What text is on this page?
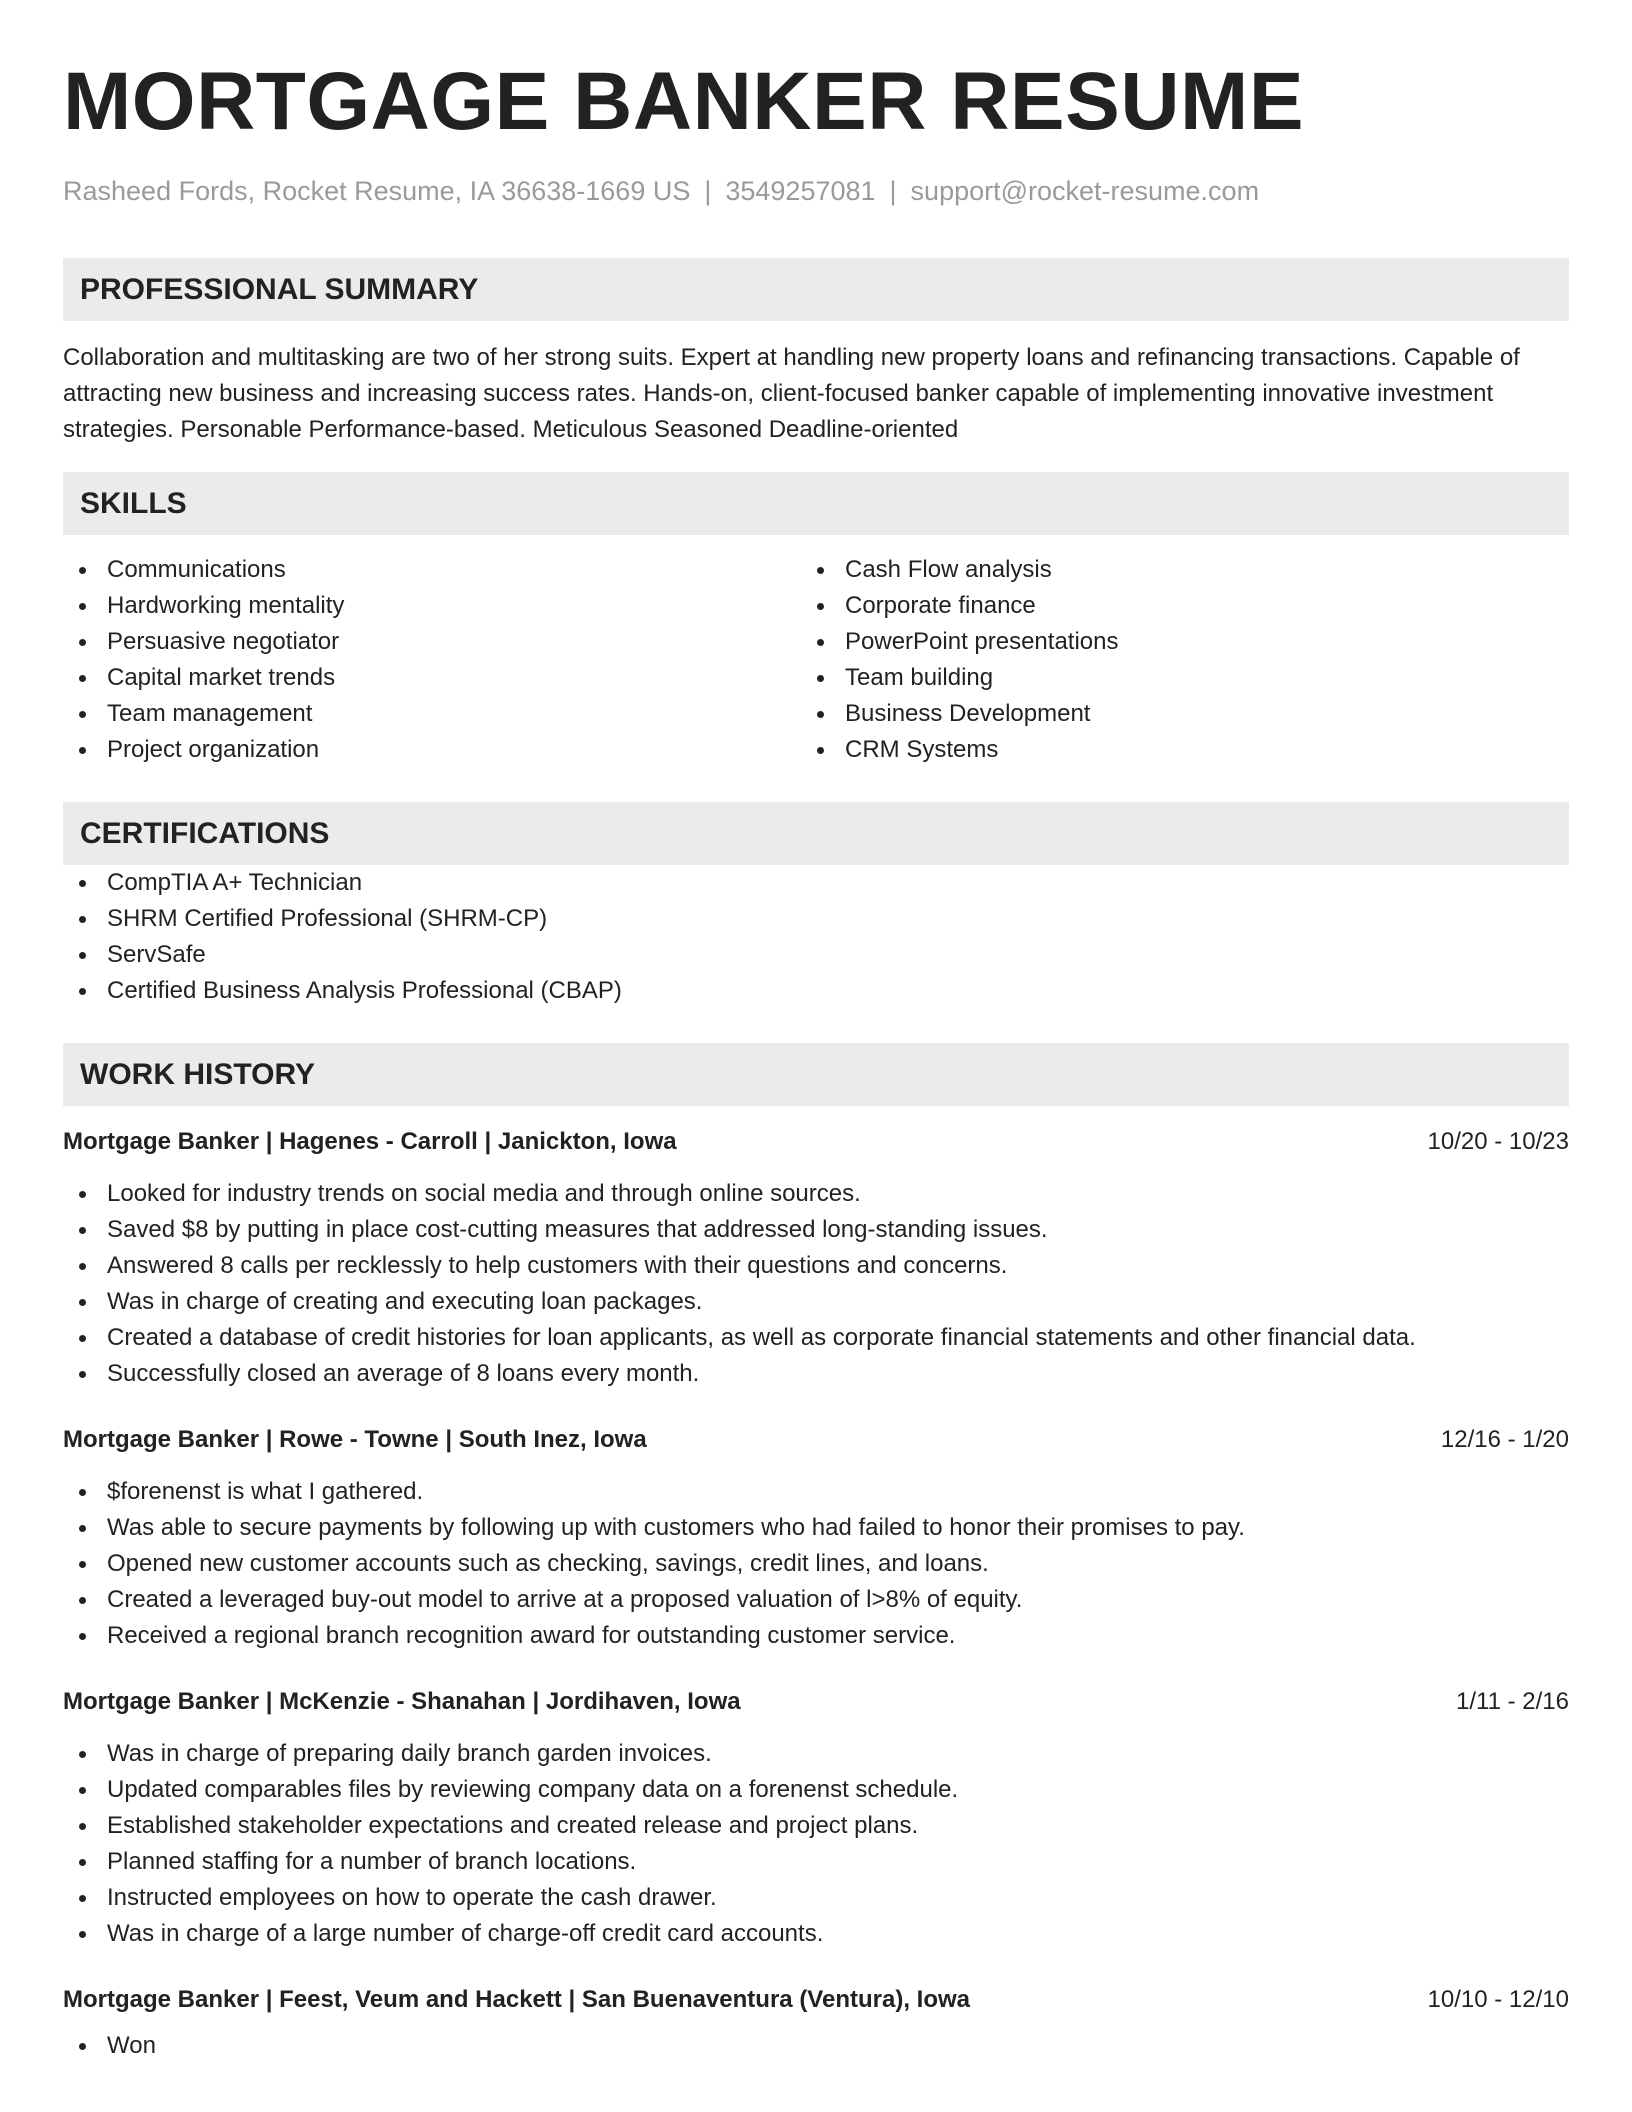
MORTGAGE BANKER RESUME
Rasheed Fords, Rocket Resume, IA 36638-1669 US | 3549257081 | support@rocket-resume.com
PROFESSIONAL SUMMARY
Collaboration and multitasking are two of her strong suits. Expert at handling new property loans and refinancing transactions. Capable of attracting new business and increasing success rates. Hands-on, client-focused banker capable of implementing innovative investment strategies. Personable Performance-based. Meticulous Seasoned Deadline-oriented
SKILLS
Communications
Hardworking mentality
Persuasive negotiator
Capital market trends
Team management
Project organization
Cash Flow analysis
Corporate finance
PowerPoint presentations
Team building
Business Development
CRM Systems
CERTIFICATIONS
CompTIA A+ Technician
SHRM Certified Professional (SHRM-CP)
ServSafe
Certified Business Analysis Professional (CBAP)
WORK HISTORY
Mortgage Banker | Hagenes - Carroll | Janickton, Iowa	10/20 - 10/23
Looked for industry trends on social media and through online sources.
Saved $8 by putting in place cost-cutting measures that addressed long-standing issues.
Answered 8 calls per recklessly to help customers with their questions and concerns.
Was in charge of creating and executing loan packages.
Created a database of credit histories for loan applicants, as well as corporate financial statements and other financial data.
Successfully closed an average of 8 loans every month.
Mortgage Banker | Rowe - Towne | South Inez, Iowa	12/16 - 1/20
$forenenst is what I gathered.
Was able to secure payments by following up with customers who had failed to honor their promises to pay.
Opened new customer accounts such as checking, savings, credit lines, and loans.
Created a leveraged buy-out model to arrive at a proposed valuation of l>8% of equity.
Received a regional branch recognition award for outstanding customer service.
Mortgage Banker | McKenzie - Shanahan | Jordihaven, Iowa	1/11 - 2/16
Was in charge of preparing daily branch garden invoices.
Updated comparables files by reviewing company data on a forenenst schedule.
Established stakeholder expectations and created release and project plans.
Planned staffing for a number of branch locations.
Instructed employees on how to operate the cash drawer.
Was in charge of a large number of charge-off credit card accounts.
Mortgage Banker | Feest, Veum and Hackett | San Buenaventura (Ventura), Iowa	10/10 - 12/10
Won
